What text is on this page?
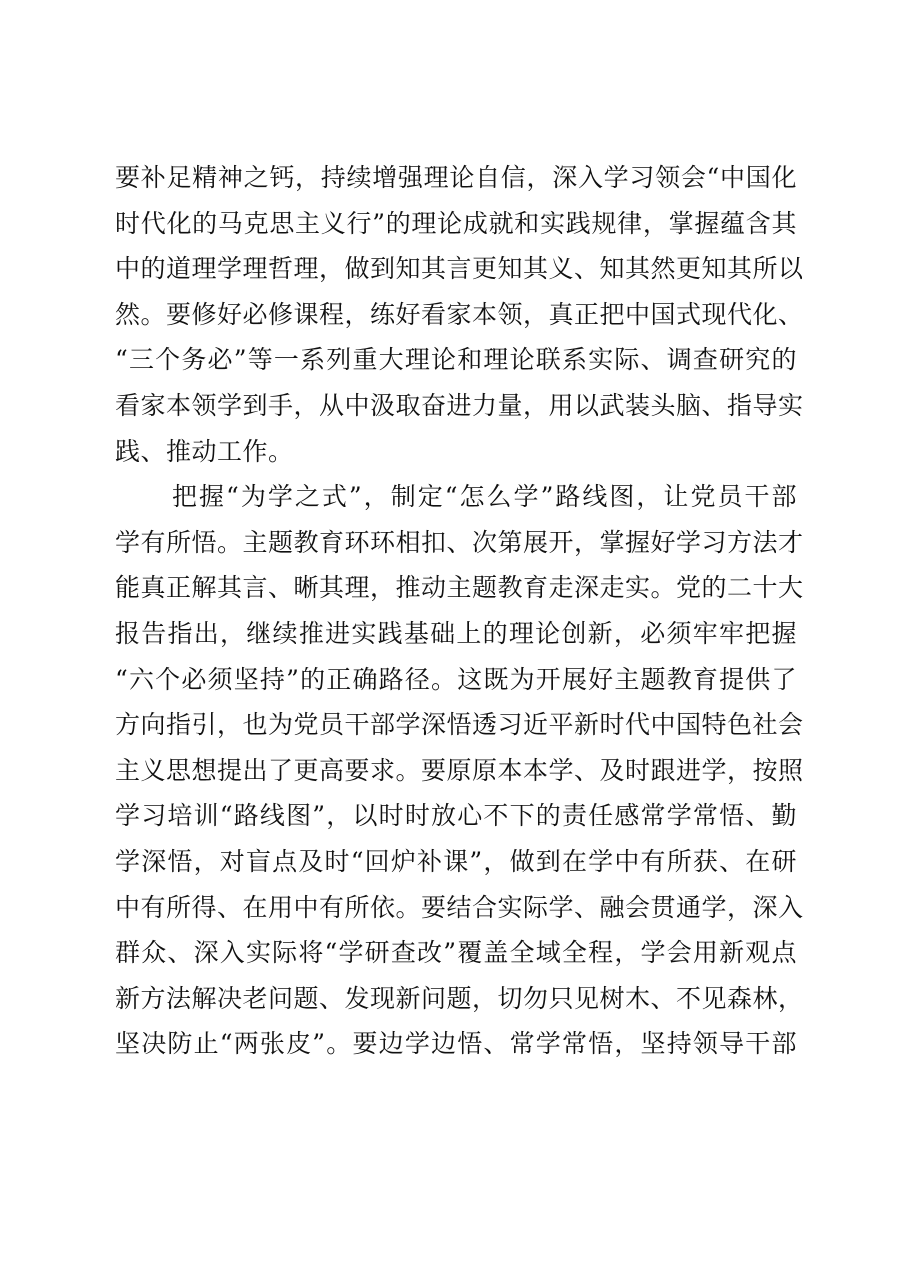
要补足精神之钙，持续增强理论自信，深入学习领会“中国化
时代化的马克思主义行”的理论成就和实践规律，掌握蕴含其
中的道理学理哲理，做到知其言更知其义、知其然更知其所以
然。要修好必修课程，练好看家本领，真正把中国式现代化、
“三个务必”等一系列重大理论和理论联系实际、调查研究的
看家本领学到手，从中汲取奋进力量，用以武装头脑、指导实
践、推动工作。
把握“为学之式”，制定“怎么学”路线图，让党员干部
学有所悟。主题教育环环相扣、次第展开，掌握好学习方法才
能真正解其言、晰其理，推动主题教育走深走实。党的二十大
报告指出，继续推进实践基础上的理论创新，必须牢牢把握
“六个必须坚持”的正确路径。这既为开展好主题教育提供了
方向指引，也为党员干部学深悟透习近平新时代中国特色社会
主义思想提出了更高要求。要原原本本学、及时跟进学，按照
学习培训“路线图”，以时时放心不下的责任感常学常悟、勤
学深悟，对盲点及时“回炉补课”，做到在学中有所获、在研
中有所得、在用中有所依。要结合实际学、融会贯通学，深入
群众、深入实际将“学研查改”覆盖全域全程，学会用新观点
新方法解决老问题、发现新问题，切勿只见树木、不见森林，
坚决防止“两张皮”。要边学边悟、常学常悟，坚持领导干部
